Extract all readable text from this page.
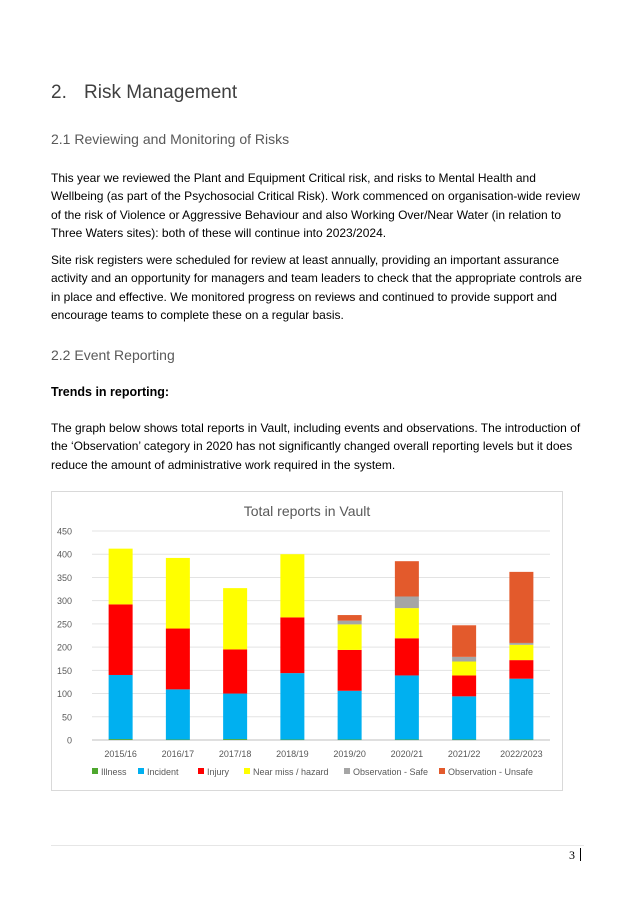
2. Risk Management
2.1 Reviewing and Monitoring of Risks

This year we reviewed the Plant and Equipment Critical risk, and risks to Mental Health and Wellbeing (as part of the Psychosocial Critical Risk). Work commenced on organisation-wide review of the risk of Violence or Aggressive Behaviour and also Working Over/Near Water (in relation to Three Waters sites): both of these will continue into 2023/2024.

Site risk registers were scheduled for review at least annually, providing an important assurance activity and an opportunity for managers and team leaders to check that the appropriate controls are in place and effective. We monitored progress on reviews and continued to provide support and encourage teams to complete these on a regular basis.

2.2 Event Reporting
Trends in reporting:

The graph below shows total reports in Vault, including events and observations. The introduction of the ‘Observation’ category in 2020 has not significantly changed overall reporting levels but it does reduce the amount of administrative work required in the system.

Total reports in Vault
0
50
100
150
200
250
300
350
400
450
2015/16	2016/17	2017/18	2018/19	2019/20	2020/21	2021/22 2022/2023
Illness Incident	Injury	Near miss / hazard	Observation - Safe Observation - Unsafe
3
